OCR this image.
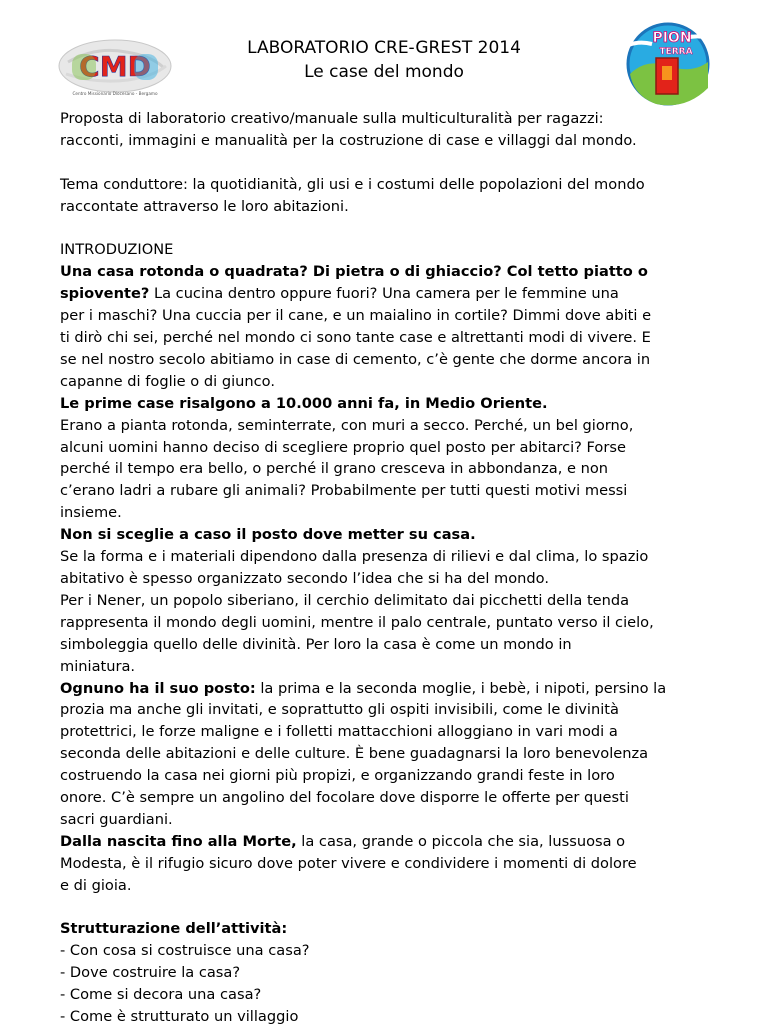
CMD
Centro Missionario Diocesano - Bergamo
PION
TERRA
LABORATORIO CRE-GREST 2014
Le case del mondo

Proposta di laboratorio creativo/manuale sulla multiculturalità per ragazzi:

racconti, immagini e manualità per la costruzione di case e villaggi dal mondo.

Tema conduttore: la quotidianità, gli usi e i costumi delle popolazioni del mondo

raccontate attraverso le loro abitazioni.

INTRODUZIONE

Una casa rotonda o quadrata? Di pietra o di ghiaccio? Col tetto piatto o

spiovente? La cucina dentro oppure fuori? Una camera per le femmine una

per i maschi? Una cuccia per il cane, e un maialino in cortile? Dimmi dove abiti e

ti dirò chi sei, perché nel mondo ci sono tante case e altrettanti modi di vivere. E

se nel nostro secolo abitiamo in case di cemento, c’è gente che dorme ancora in

capanne di foglie o di giunco.

Le prime case risalgono a 10.000 anni fa, in Medio Oriente.

Erano a pianta rotonda, seminterrate, con muri a secco. Perché, un bel giorno,

alcuni uomini hanno deciso di scegliere proprio quel posto per abitarci? Forse

perché il tempo era bello, o perché il grano cresceva in abbondanza, e non

c’erano ladri a rubare gli animali? Probabilmente per tutti questi motivi messi

insieme.

Non si sceglie a caso il posto dove metter su casa.

Se la forma e i materiali dipendono dalla presenza di rilievi e dal clima, lo spazio

abitativo è spesso organizzato secondo l’idea che si ha del mondo.

Per i Nener, un popolo siberiano, il cerchio delimitato dai picchetti della tenda

rappresenta il mondo degli uomini, mentre il palo centrale, puntato verso il cielo,

simboleggia quello delle divinità. Per loro la casa è come un mondo in

miniatura.

Ognuno ha il suo posto: la prima e la seconda moglie, i bebè, i nipoti, persino la

prozia ma anche gli invitati, e soprattutto gli ospiti invisibili, come le divinità

protettrici, le forze maligne e i folletti mattacchioni alloggiano in vari modi a

seconda delle abitazioni e delle culture. È bene guadagnarsi la loro benevolenza

costruendo la casa nei giorni più propizi, e organizzando grandi feste in loro

onore. C’è sempre un angolino del focolare dove disporre le offerte per questi

sacri guardiani.

Dalla nascita fino alla Morte, la casa, grande o piccola che sia, lussuosa o

Modesta, è il rifugio sicuro dove poter vivere e condividere i momenti di dolore

e di gioia.

Strutturazione dell’attività:

- Con cosa si costruisce una casa?
- Dove costruire la casa?
- Come si decora una casa?
- Come è strutturato un villaggio
